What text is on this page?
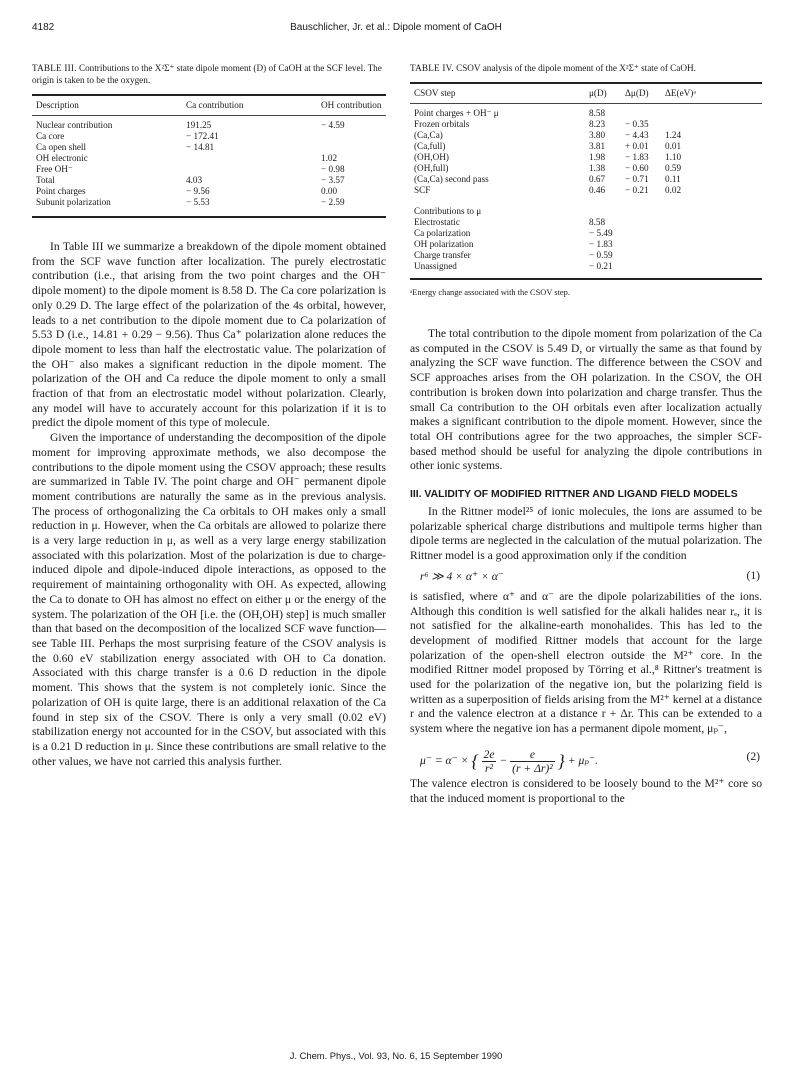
4182	Bauschlicher, Jr. et al.: Dipole moment of CaOH

TABLE III. Contributions to the X²Σ⁺ state dipole moment (D) of CaOH at the SCF level. The origin is taken to be the oxygen.

Description	Ca contribution	OH contribution

Nuclear contribution	191.25	− 4.59
Ca core	− 172.41	
Ca open shell	− 14.81	
OH electronic		1.02
Free OH⁻		− 0.98
Total	4.03	− 3.57
Point charges	− 9.56	0.00
Subunit polarization	− 5.53	− 2.59

In Table III we summarize a breakdown of the dipole moment obtained from the SCF wave function after localization. The purely electrostatic contribution (i.e., that arising from the two point charges and the OH⁻ dipole moment) to the dipole moment is 8.58 D. The Ca core polarization is only 0.29 D. The large effect of the polarization of the 4s orbital, however, leads to a net contribution to the dipole moment due to Ca polarization of 5.53 D (i.e., 14.81 + 0.29 − 9.56). Thus Ca⁺ polarization alone reduces the dipole moment to less than half the electrostatic value. The polarization of the OH⁻ also makes a significant reduction in the dipole moment. The polarization of the OH and Ca reduce the dipole moment to only a small fraction of that from an electrostatic model without polarization. Clearly, any model will have to accurately account for this polarization if it is to predict the dipole moment of this type of molecule.

Given the importance of understanding the decomposition of the dipole moment for improving approximate methods, we also decompose the contributions to the dipole moment using the CSOV approach; these results are summarized in Table IV. The point charge and OH⁻ permanent dipole moment contributions are naturally the same as in the previous analysis. The process of orthogonalizing the Ca orbitals to OH makes only a small reduction in μ. However, when the Ca orbitals are allowed to polarize there is a very large reduction in μ, as well as a very large energy stabilization associated with this polarization. Most of the polarization is due to charge-induced dipole and dipole-induced dipole interactions, as opposed to the requirement of maintaining orthogonality with OH. As expected, allowing the Ca to donate to OH has almost no effect on either μ or the energy of the system. The polarization of the OH [i.e. the (OH,OH) step] is much smaller than that based on the decomposition of the localized SCF wave function—see Table III. Perhaps the most surprising feature of the CSOV analysis is the 0.60 eV stabilization energy associated with OH to Ca donation. Associated with this charge transfer is a 0.6 D reduction in the dipole moment. This shows that the system is not completely ionic. Since the polarization of OH is quite large, there is an additional relaxation of the Ca found in step six of the CSOV. There is only a very small (0.02 eV) stabilization energy not accounted for in the CSOV, but associated with this is a 0.21 D reduction in μ. Since these contributions are small relative to the other values, we have not carried this analysis further.

TABLE IV. CSOV analysis of the dipole moment of the X²Σ⁺ state of CaOH.

CSOV step	μ(D)	Δμ(D)	ΔE(eV)ᵃ

Point charges + OH⁻ μ	8.58		
Frozen orbitals	8.23	− 0.35	
(Ca,Ca)	3.80	− 4.43	1.24
(Ca,full)	3.81	+ 0.01	0.01
(OH,OH)	1.98	− 1.83	1.10
(OH,full)	1.38	− 0.60	0.59
(Ca,Ca) second pass	0.67	− 0.71	0.11
SCF	0.46	− 0.21	0.02

Contributions to μ			
Electrostatic	8.58		
Ca polarization	− 5.49		
OH polarization	− 1.83		
Charge transfer	− 0.59		
Unassigned	− 0.21		
ᵃEnergy change associated with the CSOV step.

The total contribution to the dipole moment from polarization of the Ca as computed in the CSOV is 5.49 D, or virtually the same as that found by analyzing the SCF wave function. The difference between the CSOV and SCF approaches arises from the OH polarization. In the CSOV, the OH contribution is broken down into polarization and charge transfer. Thus the small Ca contribution to the OH orbitals even after localization actually makes a significant contribution to the dipole moment. However, since the total OH contributions agree for the two approaches, the simpler SCF-based method should be useful for analyzing the dipole contributions in other ionic systems.

III. VALIDITY OF MODIFIED RITTNER AND LIGAND FIELD MODELS

In the Rittner model²⁵ of ionic molecules, the ions are assumed to be polarizable spherical charge distributions and multipole terms higher than dipole terms are neglected in the calculation of the mutual polarization. The Rittner model is a good approximation only if the condition

r⁶ ≫ 4 × α⁺ × α⁻	(1)

is satisfied, where α⁺ and α⁻ are the dipole polarizabilities of the ions. Although this condition is well satisfied for the alkali halides near rₑ, it is not satisfied for the alkaline-earth monohalides. This has led to the development of modified Rittner models that account for the large polarization of the open-shell electron outside the M²⁺ core. In the modified Rittner model proposed by Törring et al.,⁸ Rittner's treatment is used for the polarization of the negative ion, but the polarizing field is written as a superposition of fields arising from the M²⁺ kernel at a distance r and the valence electron at a distance r + Δr. This can be extended to a system where the negative ion has a permanent dipole moment, μₚ⁻,

μ⁻ = α⁻ × { $\frac{2e}{\text{r²}} - \frac{e}{\text{(r + Δr)²}}$ } + μₚ⁻.	(2)

The valence electron is considered to be loosely bound to the M²⁺ core so that the induced moment is proportional to the

J. Chem. Phys., Vol. 93, No. 6, 15 September 1990
